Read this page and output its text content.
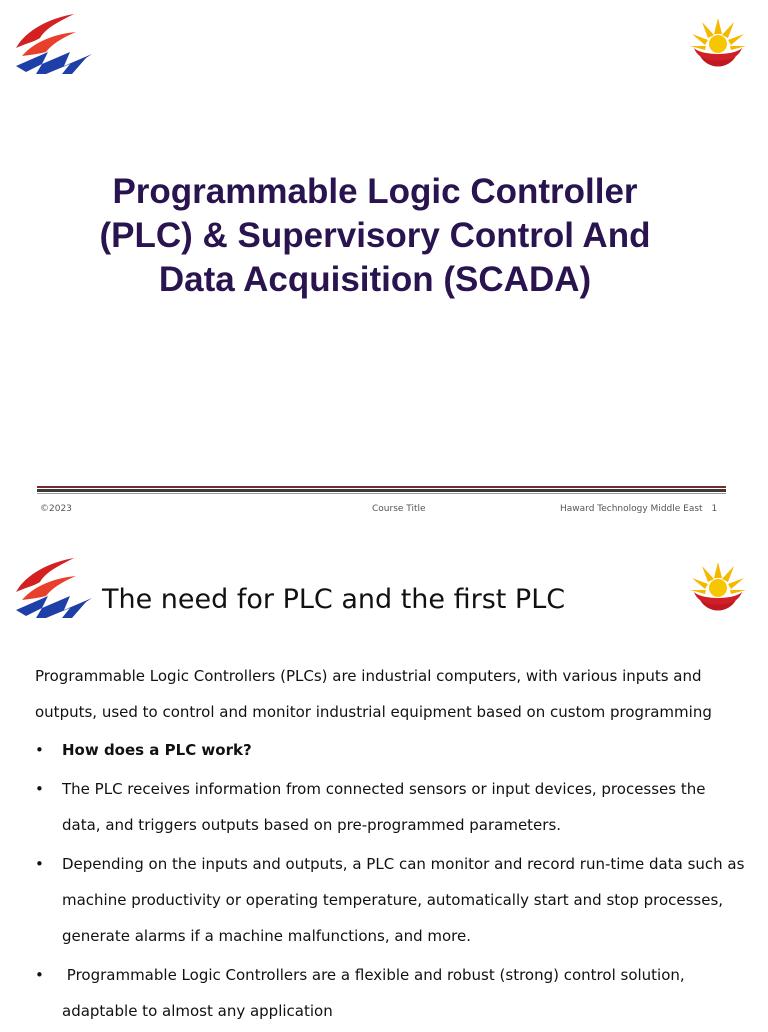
Programmable Logic Controller
(PLC) & Supervisory Control And
Data Acquisition (SCADA)
©2023	Course Title	Haward Technology Middle East 1
The need for PLC and the first PLC

Programmable Logic Controllers (PLCs) are industrial computers, with various inputs and outputs, used to control and monitor industrial equipment based on custom programming

• How does a PLC work?
• The PLC receives information from connected sensors or input devices, processes the data, and triggers outputs based on pre-programmed parameters.
• Depending on the inputs and outputs, a PLC can monitor and record run-time data such as machine productivity or operating temperature, automatically start and stop processes, generate alarms if a machine malfunctions, and more.
• Programmable Logic Controllers are a flexible and robust (strong) control solution, adaptable to almost any application
